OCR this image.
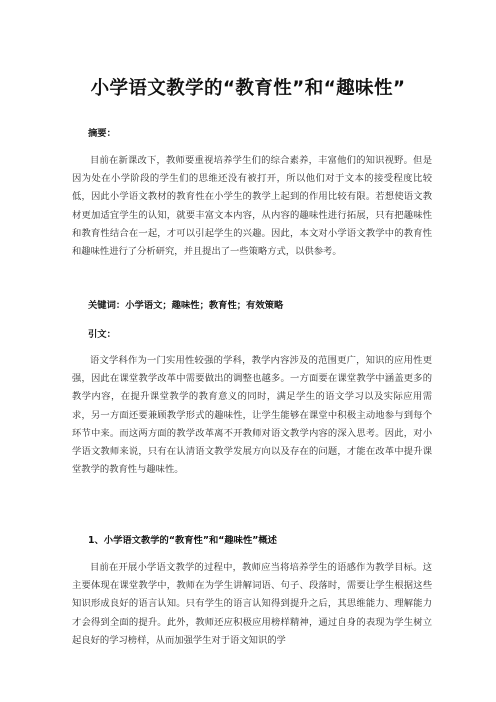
小学语文教学的“教育性”和“趣味性”
摘要：

目前在新课改下，教师要重视培养学生们的综合素养，丰富他们的知识视野。但是因为处在小学阶段的学生们的思维还没有被打开，所以他们对于文本的接受程度比较低，因此小学语文教材的教育性在小学生的教学上起到的作用比较有限。若想使语文教材更加适宜学生的认知，就要丰富文本内容，从内容的趣味性进行拓展，只有把趣味性和教育性结合在一起，才可以引起学生的兴趣。因此，本文对小学语文教学中的教育性和趣味性进行了分析研究，并且提出了一些策略方式，以供参考。

关键词：小学语文；趣味性；教育性；有效策略
引文：

语文学科作为一门实用性较强的学科，教学内容涉及的范围更广，知识的应用性更强，因此在课堂教学改革中需要做出的调整也越多。一方面要在课堂教学中涵盖更多的教学内容，在提升课堂教学的教育意义的同时，满足学生的语文学习以及实际应用需求，另一方面还要兼顾教学形式的趣味性，让学生能够在课堂中积极主动地参与到每个环节中来。而这两方面的教学改革离不开教师对语文教学内容的深入思考。因此，对小学语文教师来说，只有在认清语文教学发展方向以及存在的问题，才能在改革中提升课堂教学的教育性与趣味性。

1、小学语文教学的“教育性”和“趣味性”概述

目前在开展小学语文教学的过程中，教师应当将培养学生的语感作为教学目标。这主要体现在课堂教学中，教师在为学生讲解词语、句子、段落时，需要让学生根据这些知识形成良好的语言认知。只有学生的语言认知得到提升之后，其思维能力、理解能力才会得到全面的提升。此外，教师还应积极应用榜样精神，通过自身的表现为学生树立起良好的学习榜样，从而加强学生对于语文知识的学
